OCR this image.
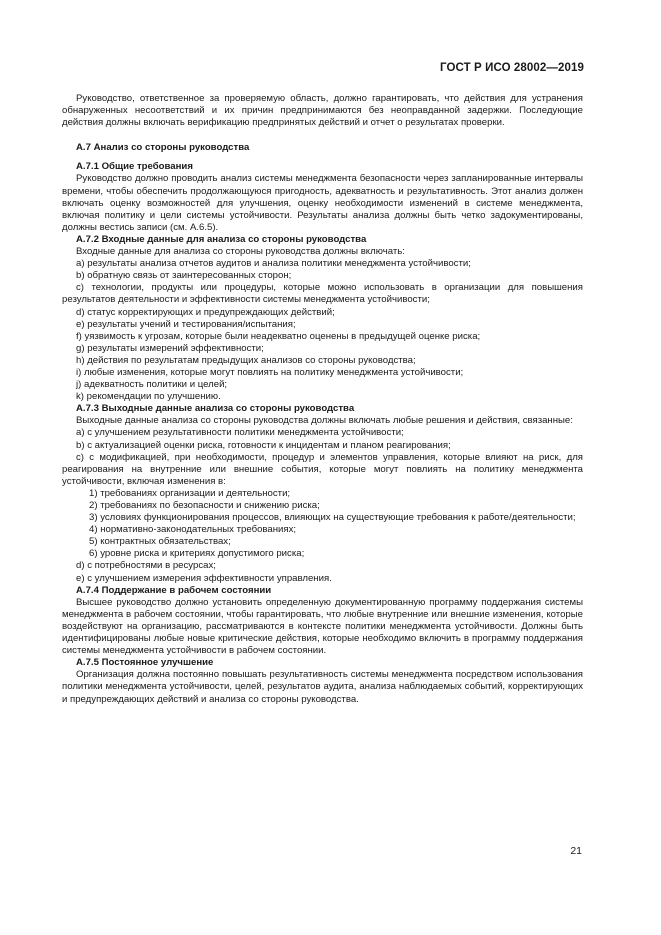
ГОСТ Р ИСО 28002—2019

Руководство, ответственное за проверяемую область, должно гарантировать, что действия для устранения обнаруженных несоответствий и их причин предпринимаются без неоправданной задержки. Последующие действия должны включать верификацию предпринятых действий и отчет о результатах проверки.

А.7 Анализ со стороны руководства

А.7.1 Общие требования

Руководство должно проводить анализ системы менеджмента безопасности через запланированные интервалы времени, чтобы обеспечить продолжающуюся пригодность, адекватность и результативность. Этот анализ должен включать оценку возможностей для улучшения, оценку необходимости изменений в системе менеджмента, включая политику и цели системы устойчивости. Результаты анализа должны быть четко задокументированы, должны вестись записи (см. А.6.5).

А.7.2 Входные данные для анализа со стороны руководства

Входные данные для анализа со стороны руководства должны включать:

a) результаты анализа отчетов аудитов и анализа политики менеджмента устойчивости;

b) обратную связь от заинтересованных сторон;

c) технологии, продукты или процедуры, которые можно использовать в организации для повышения результатов деятельности и эффективности системы менеджмента устойчивости;

d) статус корректирующих и предупреждающих действий;

e) результаты учений и тестирования/испытания;

f) уязвимость к угрозам, которые были неадекватно оценены в предыдущей оценке риска;

g) результаты измерений эффективности;

h) действия по результатам предыдущих анализов со стороны руководства;

i) любые изменения, которые могут повлиять на политику менеджмента устойчивости;

j) адекватность политики и целей;

k) рекомендации по улучшению.

А.7.3 Выходные данные анализа со стороны руководства

Выходные данные анализа со стороны руководства должны включать любые решения и действия, связанные:

a) с улучшением результативности политики менеджмента устойчивости;

b) с актуализацией оценки риска, готовности к инцидентам и планом реагирования;

c) с модификацией, при необходимости, процедур и элементов управления, которые влияют на риск, для реагирования на внутренние или внешние события, которые могут повлиять на политику менеджмента устойчивости, включая изменения в:

1) требованиях организации и деятельности;

2) требованиях по безопасности и снижению риска;

3) условиях функционирования процессов, влияющих на существующие требования к работе/деятельности;

4) нормативно-законодательных требованиях;

5) контрактных обязательствах;

6) уровне риска и критериях допустимого риска;

d) с потребностями в ресурсах;

e) с улучшением измерения эффективности управления.

А.7.4 Поддержание в рабочем состоянии

Высшее руководство должно установить определенную документированную программу поддержания системы менеджмента в рабочем состоянии, чтобы гарантировать, что любые внутренние или внешние изменения, которые воздействуют на организацию, рассматриваются в контексте политики менеджмента устойчивости. Должны быть идентифицированы любые новые критические действия, которые необходимо включить в программу поддержания системы менеджмента устойчивости в рабочем состоянии.

А.7.5 Постоянное улучшение

Организация должна постоянно повышать результативность системы менеджмента посредством использования политики менеджмента устойчивости, целей, результатов аудита, анализа наблюдаемых событий, корректирующих и предупреждающих действий и анализа со стороны руководства.

21
